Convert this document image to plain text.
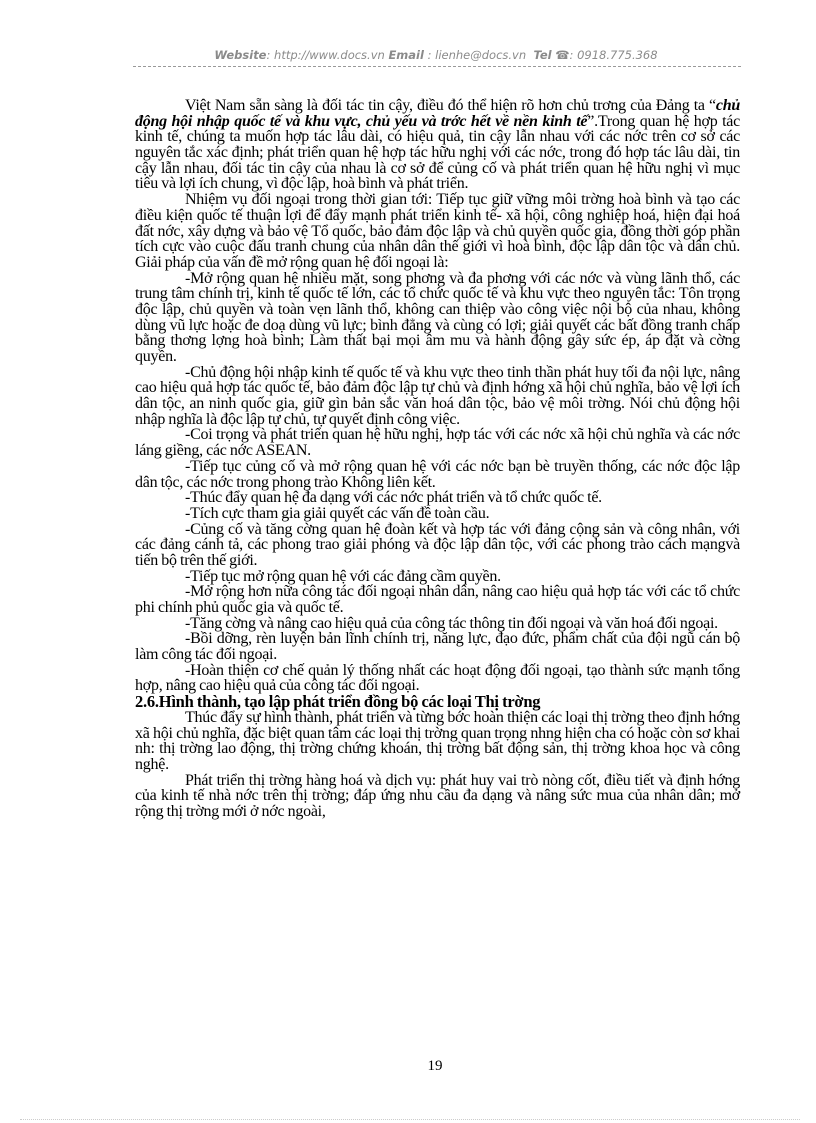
Website: http://www.docs.vn Email : lienhe@docs.vn Tel ☎: 0918.775.368

Việt Nam sẵn sàng là đối tác tin cậy, điều đó thể hiện rõ hơn chủ trơng của Đảng ta “chủ động hội nhập quốc tế và khu vực, chủ yếu và trớc hết về nền kinh tế”.Trong quan hệ hợp tác kinh tế, chúng ta muốn hợp tác lâu dài, có hiệu quả, tin cậy lẫn nhau với các nớc trên cơ sở các nguyên tắc xác định; phát triển quan hệ hợp tác hữu nghị với các nớc, trong đó hợp tác lâu dài, tin cậy lẫn nhau, đối tác tin cậy của nhau là cơ sở để củng cố và phát triển quan hệ hữu nghị vì mục tiêu và lợi ích chung, vì độc lập, hoà bình và phát triển.

Nhiệm vụ đối ngoại trong thời gian tới: Tiếp tục giữ vững môi trờng hoà bình và tạo các điều kiện quốc tế thuận lợi để đẩy mạnh phát triển kinh tế- xã hội, công nghiệp hoá, hiện đại hoá đất nớc, xây dựng và bảo vệ Tổ quốc, bảo đảm độc lập và chủ quyền quốc gia, đồng thời góp phần tích cực vào cuộc đấu tranh chung của nhân dân thế giới vì hoà bình, độc lập dân tộc và dân chủ. Giải pháp của vấn đề mở rộng quan hệ đối ngoại là:

-Mở rộng quan hệ nhiều mặt, song phơng và đa phơng với các nớc và vùng lãnh thổ, các trung tâm chính trị, kinh tế quốc tế lớn, các tổ chức quốc tế và khu vực theo nguyên tắc: Tôn trọng độc lập, chủ quyền và toàn vẹn lãnh thổ, không can thiệp vào công việc nội bộ của nhau, không dùng vũ lực hoặc đe doạ dùng vũ lực; bình đẳng và cùng có lợi; giải quyết các bất đồng tranh chấp bằng thơng lợng hoà bình; Làm thất bại mọi âm mu và hành động gây sức ép, áp đặt và cờng quyền.

-Chủ động hội nhập kinh tế quốc tế và khu vực theo tinh thần phát huy tối đa nội lực, nâng cao hiệu quả hợp tác quốc tế, bảo đảm độc lập tự chủ và định hớng xã hội chủ nghĩa, bảo vệ lợi ích dân tộc, an ninh quốc gia, giữ gìn bản sắc văn hoá dân tộc, bảo vệ môi trờng. Nói chủ động hội nhập nghĩa là độc lập tự chủ, tự quyết định công việc.

-Coi trọng và phát triển quan hệ hữu nghị, hợp tác với các nớc xã hội chủ nghĩa và các nớc láng giềng, các nớc ASEAN.

-Tiếp tục củng cố và mở rộng quan hệ với các nớc bạn bè truyền thống, các nớc độc lập dân tộc, các nớc trong phong trào Không liên kết.

-Thúc đẩy quan hệ đa dạng với các nớc phát triển và tổ chức quốc tế.

-Tích cực tham gia giải quyết các vấn đề toàn cầu.

-Củng cố và tăng cờng quan hệ đoàn kết và hợp tác với đảng cộng sản và công nhân, với các đảng cánh tả, các phong trao giải phóng và độc lập dân tộc, với các phong trào cách mạngvà tiến bộ trên thế giới.

-Tiếp tục mở rộng quan hệ với các đảng cầm quyền.

-Mở rộng hơn nữa công tác đối ngoại nhân dân, nâng cao hiệu quả hợp tác với các tổ chức phi chính phủ quốc gia và quốc tế.

-Tăng cờng và nâng cao hiệu quả của công tác thông tin đối ngoại và văn hoá đối ngoại.

-Bồi dỡng, rèn luyện bản lĩnh chính trị, năng lực, đạo đức, phẩm chất của đội ngũ cán bộ làm công tác đối ngoại.

-Hoàn thiện cơ chế quản lý thống nhất các hoạt động đối ngoại, tạo thành sức mạnh tổng hợp, nâng cao hiệu quả của công tác đối ngoại.

2.6.Hình thành, tạo lập phát triển đồng bộ các loại Thị trờng

Thúc đẩy sự hình thành, phát triển và từng bớc hoàn thiện các loại thị trờng theo định hớng xã hội chủ nghĩa, đặc biệt quan tâm các loại thị trờng quan trọng nhng hiện cha có hoặc còn sơ khai nh: thị trờng lao động, thị trờng chứng khoán, thị trờng bất động sản, thị trờng khoa học và công nghệ.

Phát triển thị trờng hàng hoá và dịch vụ: phát huy vai trò nòng cốt, điều tiết và định hớng của kinh tế nhà nớc trên thị trờng; đáp ứng nhu cầu đa dạng và nâng sức mua của nhân dân; mở rộng thị trờng mới ở nớc ngoài,

19
